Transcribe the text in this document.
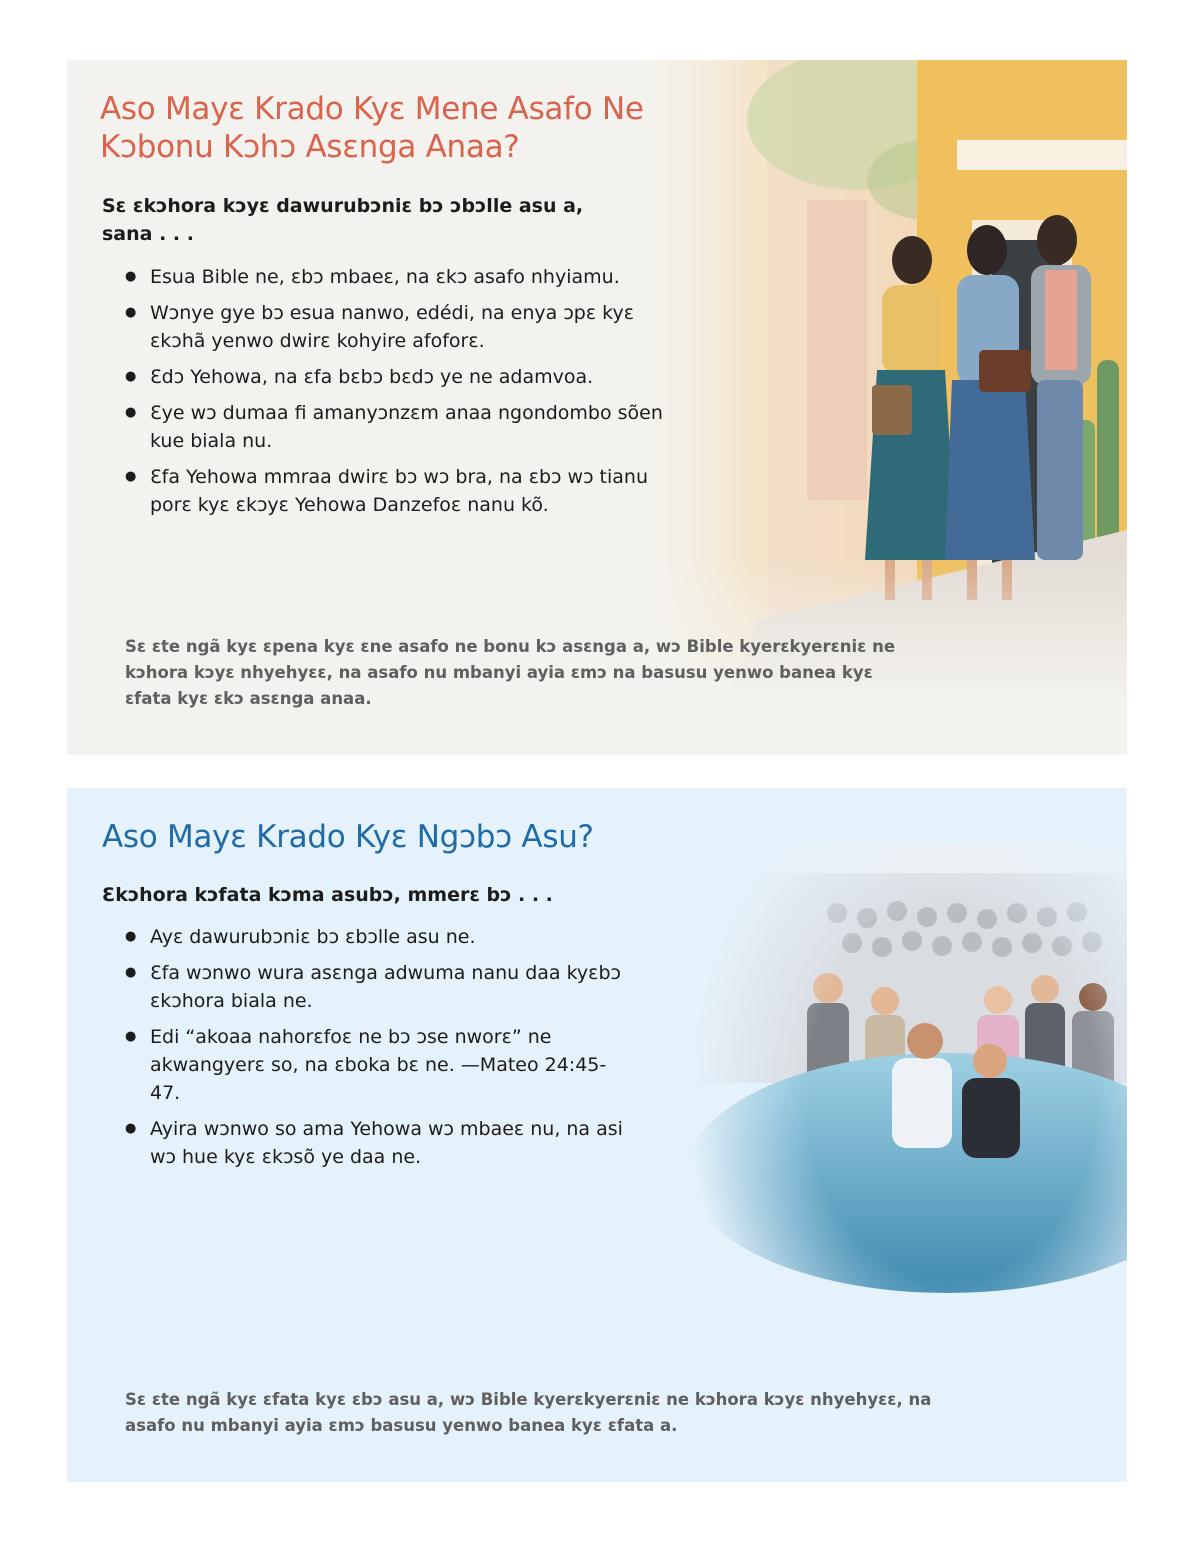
Aso Mayɛ Krado Kyɛ Mene Asafo Ne Kɔbonu Kɔhɔ Asɛnga Anaa?

Sɛ ɛkɔhora kɔyɛ dawurubɔniɛ bɔ ɔbɔlle asu a, sana . . .

● Esua Bible ne, ɛbɔ mbaeɛ, na ɛkɔ asafo nhyiamu.
● Wɔnye gye bɔ esua nanwo, edédi, na enya ɔpɛ kyɛ ɛkɔhã yenwo dwirɛ kohyire afoforɛ.
● Ɛdɔ Yehowa, na ɛfa bɛbɔ bɛdɔ ye ne adamvoa.
● Ɛye wɔ dumaa fi amanyɔnzɛm anaa ngondombo sõen kue biala nu.
● Ɛfa Yehowa mmraa dwirɛ bɔ wɔ bra, na ɛbɔ wɔ tianu porɛ kyɛ ɛkɔyɛ Yehowa Danzefoɛ nanu kõ.

Sɛ ɛte ngã kyɛ ɛpena kyɛ ɛne asafo ne bonu kɔ asɛnga a, wɔ Bible kyerɛkyerɛniɛ ne kɔhora kɔyɛ nhyehyɛɛ, na asafo nu mbanyi ayia ɛmɔ na basusu yenwo banea kyɛ ɛfata kyɛ ɛkɔ asɛnga anaa.

Aso Mayɛ Krado Kyɛ Ngɔbɔ Asu?

Ɛkɔhora kɔfata kɔma asubɔ, mmerɛ bɔ . . .

● Ayɛ dawurubɔniɛ bɔ ɛbɔlle asu ne.
● Ɛfa wɔnwo wura asɛnga adwuma nanu daa kyɛbɔ ɛkɔhora biala ne.
● Edi “akoaa nahorɛfoɛ ne bɔ ɔse nworɛ” ne akwangyerɛ so, na ɛboka bɛ ne. —Mateo 24:45-47.
● Ayira wɔnwo so ama Yehowa wɔ mbaeɛ nu, na asi wɔ hue kyɛ ɛkɔsõ ye daa ne.

Sɛ ɛte ngã kyɛ ɛfata kyɛ ɛbɔ asu a, wɔ Bible kyerɛkyerɛniɛ ne kɔhora kɔyɛ nhyehyɛɛ, na asafo nu mbanyi ayia ɛmɔ basusu yenwo banea kyɛ ɛfata a.
